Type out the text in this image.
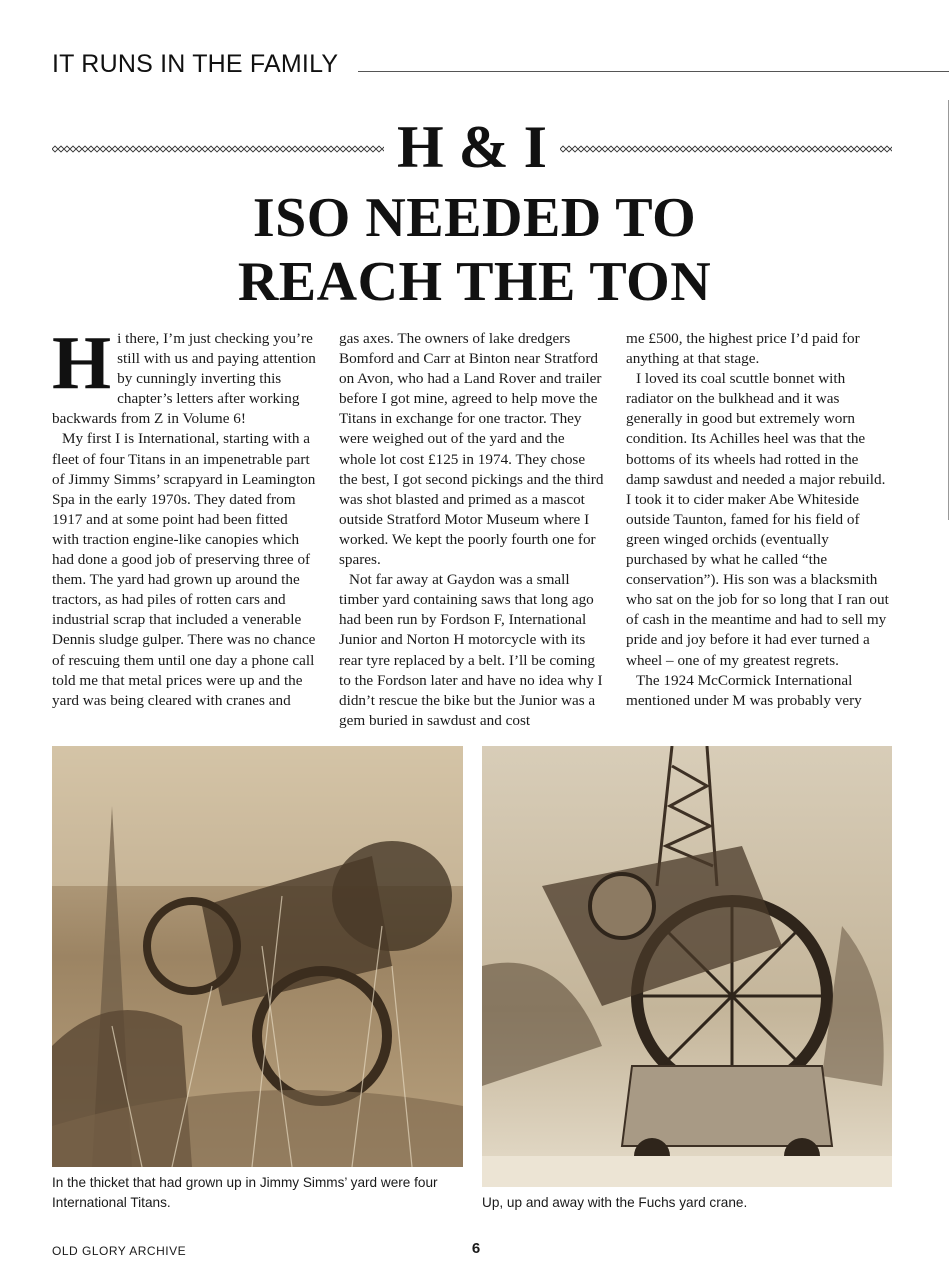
IT RUNS IN THE FAMILY
H & I
ISO NEEDED TO
REACH THE TON

Hi there, I’m just checking you’re still with us and paying attention by cunningly inverting this chapter’s letters after working backwards from Z in Volume 6!

My first I is International, starting with a fleet of four Titans in an impenetrable part of Jimmy Simms’ scrapyard in Leamington Spa in the early 1970s. They dated from 1917 and at some point had been fitted with traction engine-like canopies which had done a good job of preserving three of them. The yard had grown up around the tractors, as had piles of rotten cars and industrial scrap that included a venerable Dennis sludge gulper. There was no chance of rescuing them until one day a phone call told me that metal prices were up and the yard was being cleared with cranes and

gas axes. The owners of lake dredgers Bomford and Carr at Binton near Stratford on Avon, who had a Land Rover and trailer before I got mine, agreed to help move the Titans in exchange for one tractor. They were weighed out of the yard and the whole lot cost £125 in 1974. They chose the best, I got second pickings and the third was shot blasted and primed as a mascot outside Stratford Motor Museum where I worked. We kept the poorly fourth one for spares.

Not far away at Gaydon was a small timber yard containing saws that long ago had been run by Fordson F, International Junior and Norton H motorcycle with its rear tyre replaced by a belt. I’ll be coming to the Fordson later and have no idea why I didn’t rescue the bike but the Junior was a gem buried in sawdust and cost

me £500, the highest price I’d paid for anything at that stage.

I loved its coal scuttle bonnet with radiator on the bulkhead and it was generally in good but extremely worn condition. Its Achilles heel was that the bottoms of its wheels had rotted in the damp sawdust and needed a major rebuild. I took it to cider maker Abe Whiteside outside Taunton, famed for his field of green winged orchids (eventually purchased by what he called “the conservation”). His son was a blacksmith who sat on the job for so long that I ran out of cash in the meantime and had to sell my pride and joy before it had ever turned a wheel – one of my greatest regrets.

The 1924 McCormick International mentioned under M was probably very

In the thicket that had grown up in Jimmy Simms’ yard were four International Titans.	Up, up and away with the Fuchs yard crane.
OLD GLORY ARCHIVE	6
